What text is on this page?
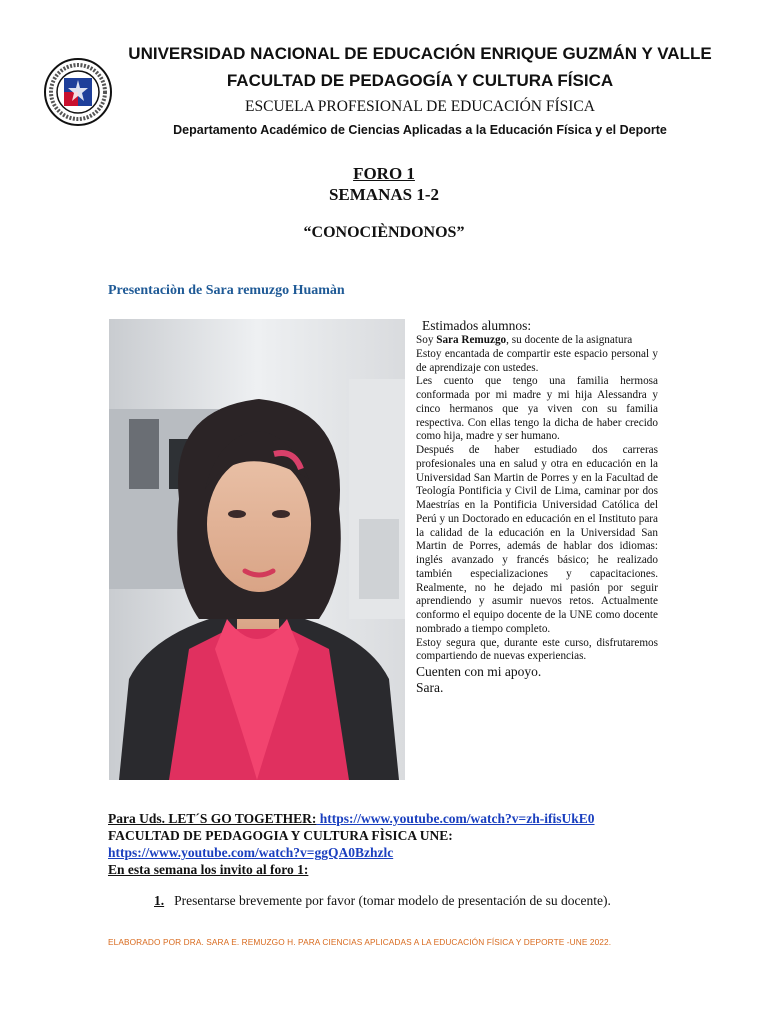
UNIVERSIDAD NACIONAL DE EDUCACIÓN ENRIQUE GUZMÁN Y VALLE
FACULTAD DE PEDAGOGÍA Y CULTURA FÍSICA
ESCUELA PROFESIONAL DE EDUCACIÓN FÍSICA
Departamento Académico de Ciencias Aplicadas a la Educación Física y el Deporte
FORO 1
SEMANAS 1-2
“CONOCIÈNDONOS”
Presentaciòn de Sara remuzgo Huamàn

Estimados alumnos:

Soy Sara Remuzgo, su docente de la asignatura

Estoy encantada de compartir este espacio personal y de aprendizaje con ustedes.

Les cuento que tengo una familia hermosa conformada por mi madre y mi hija Alessandra y cinco hermanos que ya viven con su familia respectiva. Con ellas tengo la dicha de haber crecido como hija, madre y ser humano.

Después de haber estudiado dos carreras profesionales una en salud y otra en educación en la Universidad San Martin de Porres y en la Facultad de Teología Pontificia y Civil de Lima, caminar por dos Maestrías en la Pontificia Universidad Católica del Perú y un Doctorado en educación en el Instituto para la calidad de la educación en la Universidad San Martin de Porres, además de hablar dos idiomas: inglés avanzado y francés básico; he realizado también especializaciones y capacitaciones. Realmente, no he dejado mi pasión por seguir aprendiendo y asumir nuevos retos. Actualmente conformo el equipo docente de la UNE como docente nombrado a tiempo completo.

Estoy segura que, durante este curso, disfrutaremos compartiendo de nuevas experiencias.

Cuenten con mi apoyo.

Sara.

Para Uds. LET´S GO TOGETHER: https://www.youtube.com/watch?v=zh-ifisUkE0

FACULTAD DE PEDAGOGIA Y CULTURA FÌSICA UNE:

https://www.youtube.com/watch?v=ggQA0Bzhzlc

En esta semana los invito al foro 1:

1. Presentarse brevemente por favor (tomar modelo de presentación de su docente).
ELABORADO POR DRA. SARA E. REMUZGO H. PARA CIENCIAS APLICADAS A LA EDUCACIÓN FÍSICA Y DEPORTE -UNE 2022.
